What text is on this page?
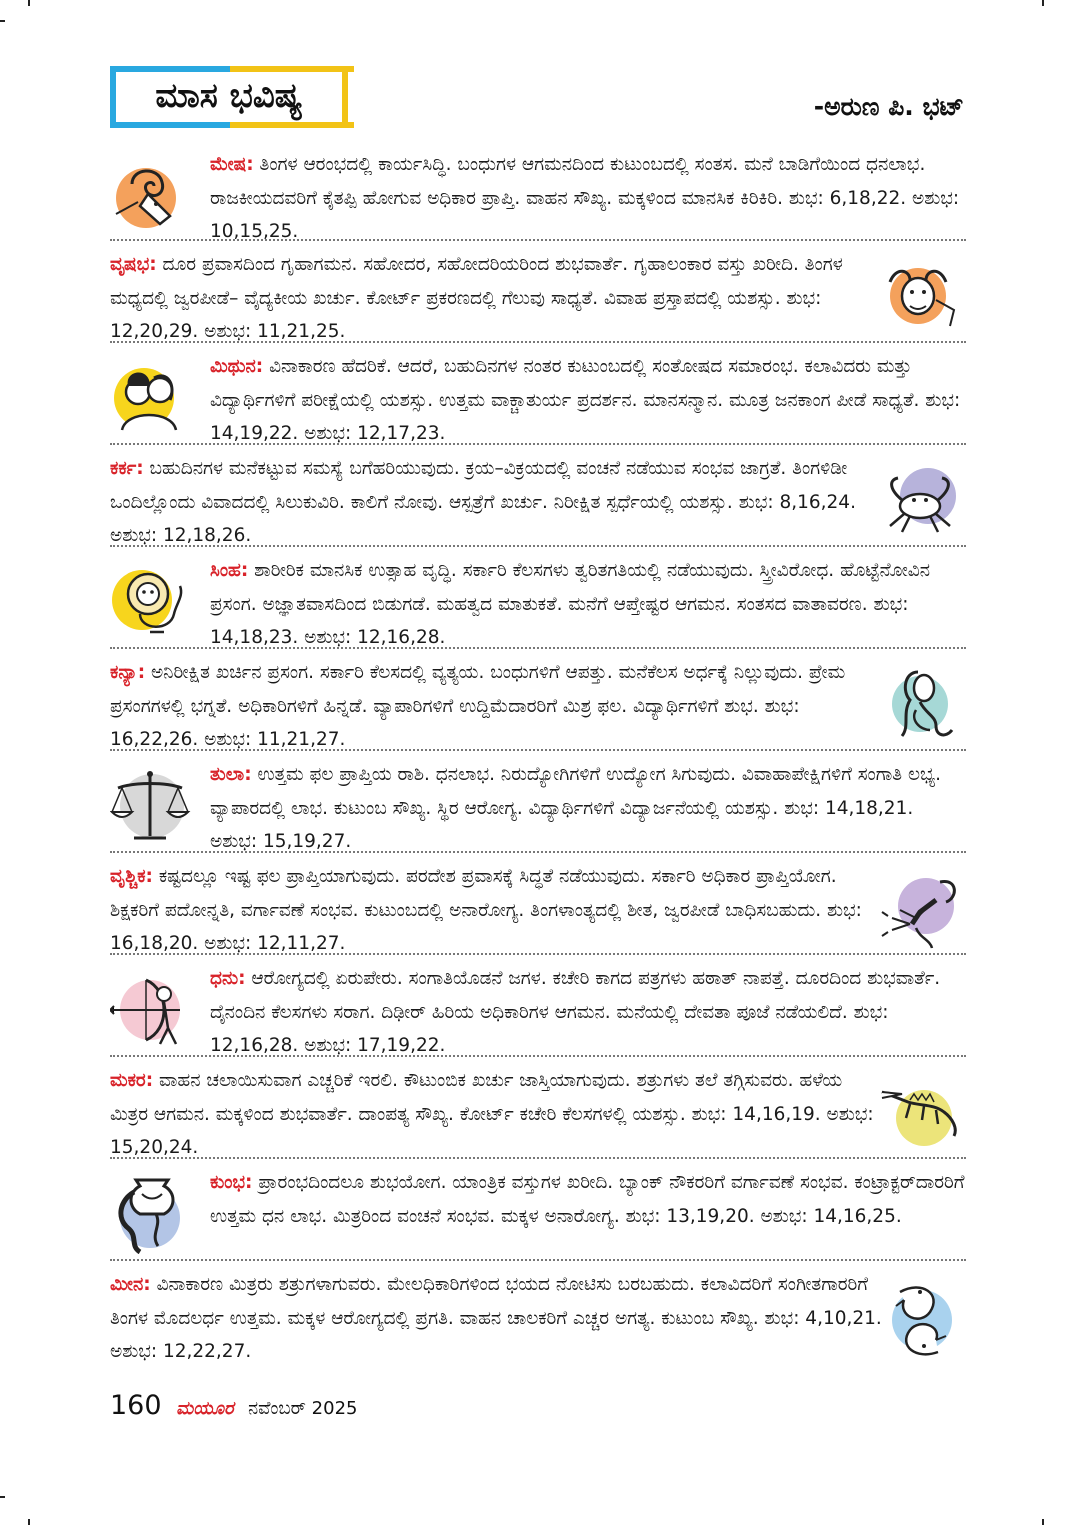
ಮಾಸ ಭವಿಷ್ಯ	-ಅರುಣ ಪಿ. ಭಟ್
ಮೇಷ: ತಿಂಗಳ ಆರಂಭದಲ್ಲಿ ಕಾರ್ಯಸಿದ್ಧಿ. ಬಂಧುಗಳ ಆಗಮನದಿಂದ ಕುಟುಂಬದಲ್ಲಿ ಸಂತಸ. ಮನೆ ಬಾಡಿಗೆಯಿಂದ ಧನಲಾಭ. ರಾಜಕೀಯದವರಿಗೆ ಕೈತಪ್ಪಿ ಹೋಗುವ ಅಧಿಕಾರ ಪ್ರಾಪ್ತಿ. ವಾಹನ ಸೌಖ್ಯ. ಮಕ್ಕಳಿಂದ ಮಾನಸಿಕ ಕಿರಿಕಿರಿ. ಶುಭ: 6,18,22. ಅಶುಭ: 10,15,25.
ವೃಷಭ: ದೂರ ಪ್ರವಾಸದಿಂದ ಗೃಹಾಗಮನ. ಸಹೋದರ, ಸಹೋದರಿಯರಿಂದ ಶುಭವಾರ್ತೆ. ಗೃಹಾಲಂಕಾರ ವಸ್ತು ಖರೀದಿ. ತಿಂಗಳ ಮಧ್ಯದಲ್ಲಿ ಜ್ವರಪೀಡೆ– ವೈದ್ಯಕೀಯ ಖರ್ಚು. ಕೋರ್ಟ್ ಪ್ರಕರಣದಲ್ಲಿ ಗೆಲುವು ಸಾಧ್ಯತೆ. ವಿವಾಹ ಪ್ರಸ್ತಾಪದಲ್ಲಿ ಯಶಸ್ಸು. ಶುಭ: 12,20,29. ಅಶುಭ: 11,21,25.
ಮಿಥುನ: ವಿನಾಕಾರಣ ಹೆದರಿಕೆ. ಆದರೆ, ಬಹುದಿನಗಳ ನಂತರ ಕುಟುಂಬದಲ್ಲಿ ಸಂತೋಷದ ಸಮಾರಂಭ. ಕಲಾವಿದರು ಮತ್ತು ವಿದ್ಯಾರ್ಥಿಗಳಿಗೆ ಪರೀಕ್ಷೆಯಲ್ಲಿ ಯಶಸ್ಸು. ಉತ್ತಮ ವಾಕ್ಚಾತುರ್ಯ ಪ್ರದರ್ಶನ. ಮಾನಸನ್ಮಾನ. ಮೂತ್ರ ಜನಕಾಂಗ ಪೀಡೆ ಸಾಧ್ಯತೆ. ಶುಭ: 14,19,22. ಅಶುಭ: 12,17,23.
ಕರ್ಕ: ಬಹುದಿನಗಳ ಮನೆಕಟ್ಟುವ ಸಮಸ್ಯೆ ಬಗೆಹರಿಯುವುದು. ಕ್ರಯ–ವಿಕ್ರಯದಲ್ಲಿ ವಂಚನೆ ನಡೆಯುವ ಸಂಭವ ಜಾಗ್ರತೆ. ತಿಂಗಳಿಡೀ ಒಂದಿಲ್ಲೊಂದು ವಿವಾದದಲ್ಲಿ ಸಿಲುಕುವಿರಿ. ಕಾಲಿಗೆ ನೋವು. ಆಸ್ಪತ್ರೆಗೆ ಖರ್ಚು. ನಿರೀಕ್ಷಿತ ಸ್ಪರ್ಧೆಯಲ್ಲಿ ಯಶಸ್ಸು. ಶುಭ: 8,16,24. ಅಶುಭ: 12,18,26.
ಸಿಂಹ: ಶಾರೀರಿಕ ಮಾನಸಿಕ ಉತ್ಸಾಹ ವೃದ್ಧಿ. ಸರ್ಕಾರಿ ಕೆಲಸಗಳು ತ್ವರಿತಗತಿಯಲ್ಲಿ ನಡೆಯುವುದು. ಸ್ತ್ರೀವಿರೋಧ. ಹೊಟ್ಟೆನೋವಿನ ಪ್ರಸಂಗ. ಅಜ್ಞಾತವಾಸದಿಂದ ಬಿಡುಗಡೆ. ಮಹತ್ವದ ಮಾತುಕತೆ. ಮನೆಗೆ ಆಪ್ತೇಷ್ಟರ ಆಗಮನ. ಸಂತಸದ ವಾತಾವರಣ. ಶುಭ: 14,18,23. ಅಶುಭ: 12,16,28.
ಕನ್ಯಾ: ಅನಿರೀಕ್ಷಿತ ಖರ್ಚಿನ ಪ್ರಸಂಗ. ಸರ್ಕಾರಿ ಕೆಲಸದಲ್ಲಿ ವ್ಯತ್ಯಯ. ಬಂಧುಗಳಿಗೆ ಆಪತ್ತು. ಮನೆಕೆಲಸ ಅರ್ಧಕ್ಕೆ ನಿಲ್ಲುವುದು. ಪ್ರೇಮ ಪ್ರಸಂಗಗಳಲ್ಲಿ ಭಗ್ನತೆ. ಅಧಿಕಾರಿಗಳಿಗೆ ಹಿನ್ನಡೆ. ವ್ಯಾಪಾರಿಗಳಿಗೆ ಉದ್ದಿಮೆದಾರರಿಗೆ ಮಿಶ್ರ ಫಲ. ವಿದ್ಯಾರ್ಥಿಗಳಿಗೆ ಶುಭ. ಶುಭ: 16,22,26. ಅಶುಭ: 11,21,27.
ತುಲಾ: ಉತ್ತಮ ಫಲ ಪ್ರಾಪ್ತಿಯ ರಾಶಿ. ಧನಲಾಭ. ನಿರುದ್ಯೋಗಿಗಳಿಗೆ ಉದ್ಯೋಗ ಸಿಗುವುದು. ವಿವಾಹಾಪೇಕ್ಷಿಗಳಿಗೆ ಸಂಗಾತಿ ಲಭ್ಯ. ವ್ಯಾಪಾರದಲ್ಲಿ ಲಾಭ. ಕುಟುಂಬ ಸೌಖ್ಯ. ಸ್ಥಿರ ಆರೋಗ್ಯ. ವಿದ್ಯಾರ್ಥಿಗಳಿಗೆ ವಿದ್ಯಾರ್ಜನೆಯಲ್ಲಿ ಯಶಸ್ಸು. ಶುಭ: 14,18,21. ಅಶುಭ: 15,19,27.
ವೃಶ್ಚಿಕ: ಕಷ್ಟದಲ್ಲೂ ಇಷ್ಟ ಫಲ ಪ್ರಾಪ್ತಿಯಾಗುವುದು. ಪರದೇಶ ಪ್ರವಾಸಕ್ಕೆ ಸಿದ್ಧತೆ ನಡೆಯುವುದು. ಸರ್ಕಾರಿ ಅಧಿಕಾರ ಪ್ರಾಪ್ತಿಯೋಗ. ಶಿಕ್ಷಕರಿಗೆ ಪದೋನ್ನತಿ, ವರ್ಗಾವಣೆ ಸಂಭವ. ಕುಟುಂಬದಲ್ಲಿ ಅನಾರೋಗ್ಯ. ತಿಂಗಳಾಂತ್ಯದಲ್ಲಿ ಶೀತ, ಜ್ವರಪೀಡೆ ಬಾಧಿಸಬಹುದು. ಶುಭ: 16,18,20. ಅಶುಭ: 12,11,27.
ಧನು: ಆರೋಗ್ಯದಲ್ಲಿ ಏರುಪೇರು. ಸಂಗಾತಿಯೊಡನೆ ಜಗಳ. ಕಚೇರಿ ಕಾಗದ ಪತ್ರಗಳು ಹಠಾತ್ ನಾಪತ್ತೆ. ದೂರದಿಂದ ಶುಭವಾರ್ತೆ. ದೈನಂದಿನ ಕೆಲಸಗಳು ಸರಾಗ. ದಿಢೀರ್ ಹಿರಿಯ ಅಧಿಕಾರಿಗಳ ಆಗಮನ. ಮನೆಯಲ್ಲಿ ದೇವತಾ ಪೂಜೆ ನಡೆಯಲಿದೆ. ಶುಭ: 12,16,28. ಅಶುಭ: 17,19,22.
ಮಕರ: ವಾಹನ ಚಲಾಯಿಸುವಾಗ ಎಚ್ಚರಿಕೆ ಇರಲಿ. ಕೌಟುಂಬಿಕ ಖರ್ಚು ಜಾಸ್ತಿಯಾಗುವುದು. ಶತ್ರುಗಳು ತಲೆ ತಗ್ಗಿಸುವರು. ಹಳೆಯ ಮಿತ್ರರ ಆಗಮನ. ಮಕ್ಕಳಿಂದ ಶುಭವಾರ್ತೆ. ದಾಂಪತ್ಯ ಸೌಖ್ಯ. ಕೋರ್ಟ್ ಕಚೇರಿ ಕೆಲಸಗಳಲ್ಲಿ ಯಶಸ್ಸು. ಶುಭ: 14,16,19. ಅಶುಭ: 15,20,24.
ಕುಂಭ: ಪ್ರಾರಂಭದಿಂದಲೂ ಶುಭಯೋಗ. ಯಾಂತ್ರಿಕ ವಸ್ತುಗಳ ಖರೀದಿ. ಬ್ಯಾಂಕ್ ನೌಕರರಿಗೆ ವರ್ಗಾವಣೆ ಸಂಭವ. ಕಂಟ್ರಾಕ್ಟರ್‌ದಾರರಿಗೆ ಉತ್ತಮ ಧನ ಲಾಭ. ಮಿತ್ರರಿಂದ ವಂಚನೆ ಸಂಭವ. ಮಕ್ಕಳ ಅನಾರೋಗ್ಯ. ಶುಭ: 13,19,20. ಅಶುಭ: 14,16,25.
ಮೀನ: ವಿನಾಕಾರಣ ಮಿತ್ರರು ಶತ್ರುಗಳಾಗುವರು. ಮೇಲಧಿಕಾರಿಗಳಿಂದ ಭಯದ ನೋಟಿಸು ಬರಬಹುದು. ಕಲಾವಿದರಿಗೆ ಸಂಗೀತಗಾರರಿಗೆ ತಿಂಗಳ ಮೊದಲರ್ಧ ಉತ್ತಮ. ಮಕ್ಕಳ ಆರೋಗ್ಯದಲ್ಲಿ ಪ್ರಗತಿ. ವಾಹನ ಚಾಲಕರಿಗೆ ಎಚ್ಚರ ಅಗತ್ಯ. ಕುಟುಂಬ ಸೌಖ್ಯ. ಶುಭ: 4,10,21. ಅಶುಭ: 12,22,27.
160 ಮಯೂರ ನವೆಂಬರ್ 2025
